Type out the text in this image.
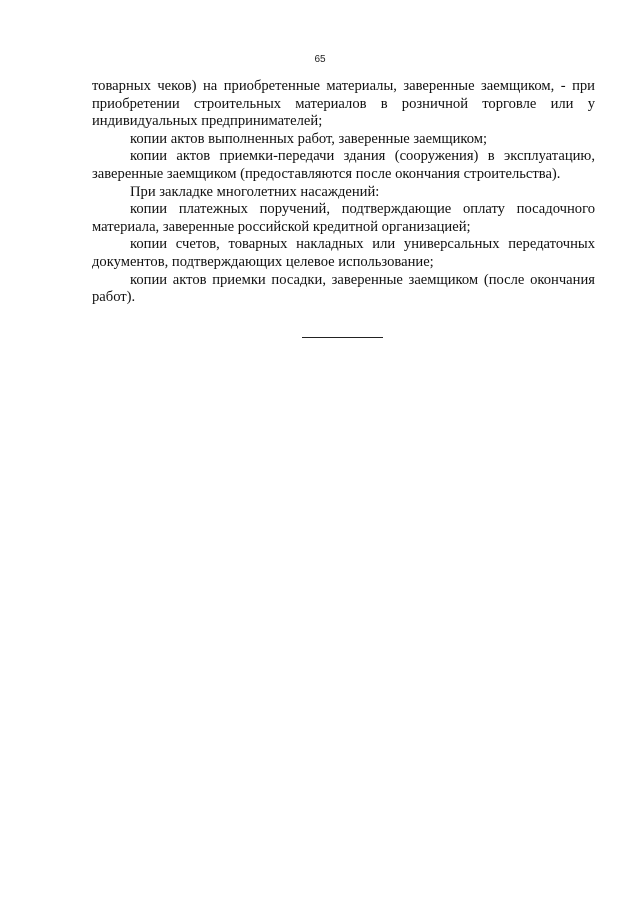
65

товарных чеков) на приобретенные материалы, заверенные заемщиком, - при приобретении строительных материалов в розничной торговле или у индивидуальных предпринимателей;

копии актов выполненных работ, заверенные заемщиком;

копии актов приемки-передачи здания (сооружения) в эксплуатацию, заверенные заемщиком (предоставляются после окончания строительства).

При закладке многолетних насаждений:

копии платежных поручений, подтверждающие оплату посадочного материала, заверенные российской кредитной организацией;

копии счетов, товарных накладных или универсальных передаточных документов, подтверждающих целевое использование;

копии актов приемки посадки, заверенные заемщиком (после окончания работ).
